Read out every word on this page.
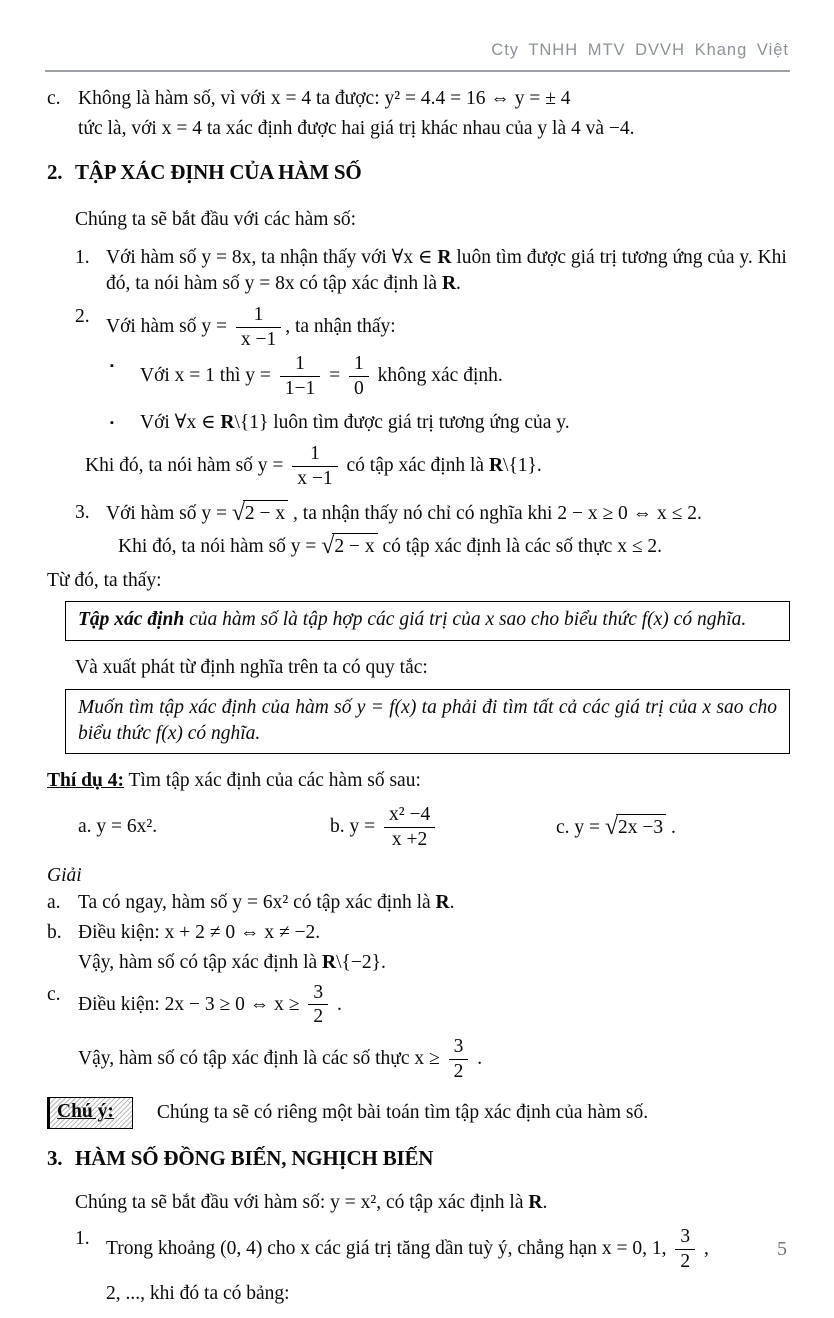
Cty TNHH MTV DVVH Khang Việt
c. Không là hàm số, vì với x = 4 ta được: y² = 4.4 = 16 ⇔ y = ± 4
tức là, với x = 4 ta xác định được hai giá trị khác nhau của y là 4 và −4.
2. TẬP XÁC ĐỊNH CỦA HÀM SỐ
Chúng ta sẽ bắt đầu với các hàm số:
1. Với hàm số y = 8x, ta nhận thấy với ∀x ∈ R luôn tìm được giá trị tương ứng của y. Khi đó, ta nói hàm số y = 8x có tập xác định là R.
2. Với hàm số $y = \frac{1}{x -1}$ , ta nhận thấy:
▪	Với x = 1 thì $y = \frac{1}{1-1} = \frac{1}{0}$ không xác định.
▪	Với ∀x ∈ R\{1} luôn tìm được giá trị tương ứng của y.
Khi đó, ta nói hàm số $y = \frac{1}{x -1}$ có tập xác định là R\{1}.
3. Với hàm số y = √2 − x , ta nhận thấy nó chỉ có nghĩa khi 2 − x ≥ 0 ⇔ x ≤ 2.
Khi đó, ta nói hàm số y = √2 − x có tập xác định là các số thực x ≤ 2.
Từ đó, ta thấy:
Tập xác định của hàm số là tập hợp các giá trị của x sao cho biểu thức f(x) có nghĩa.
Và xuất phát từ định nghĩa trên ta có quy tắc:
Muốn tìm tập xác định của hàm số y = f(x) ta phải đi tìm tất cả các giá trị của x sao cho biểu thức f(x) có nghĩa.
Thí dụ 4: Tìm tập xác định của các hàm số sau:
a. y = 6x².	b. $y = \frac{\text{x² −4}}{x +2}$	c. y = √2x −3 .
Giải
a. Ta có ngay, hàm số y = 6x² có tập xác định là R.
b. Điều kiện: x + 2 ≠ 0 ⇔ x ≠ −2.
Vậy, hàm số có tập xác định là R\{−2}.
c. Điều kiện: 2x − 3 ≥ 0 ⇔ $x \ge \frac{3}{2}$ .
Vậy, hàm số có tập xác định là các số thực $x \ge \frac{3}{2}$ .
Chú ý:	Chúng ta sẽ có riêng một bài toán tìm tập xác định của hàm số.
3. HÀM SỐ ĐỒNG BIẾN, NGHỊCH BIẾN
Chúng ta sẽ bắt đầu với hàm số: y = x², có tập xác định là R.
1. Trong khoảng (0, 4) cho x các giá trị tăng dần tuỳ ý, chẳng hạn x = 0, 1, $\frac{3}{2}$ ,
2, ..., khi đó ta có bảng:
5
